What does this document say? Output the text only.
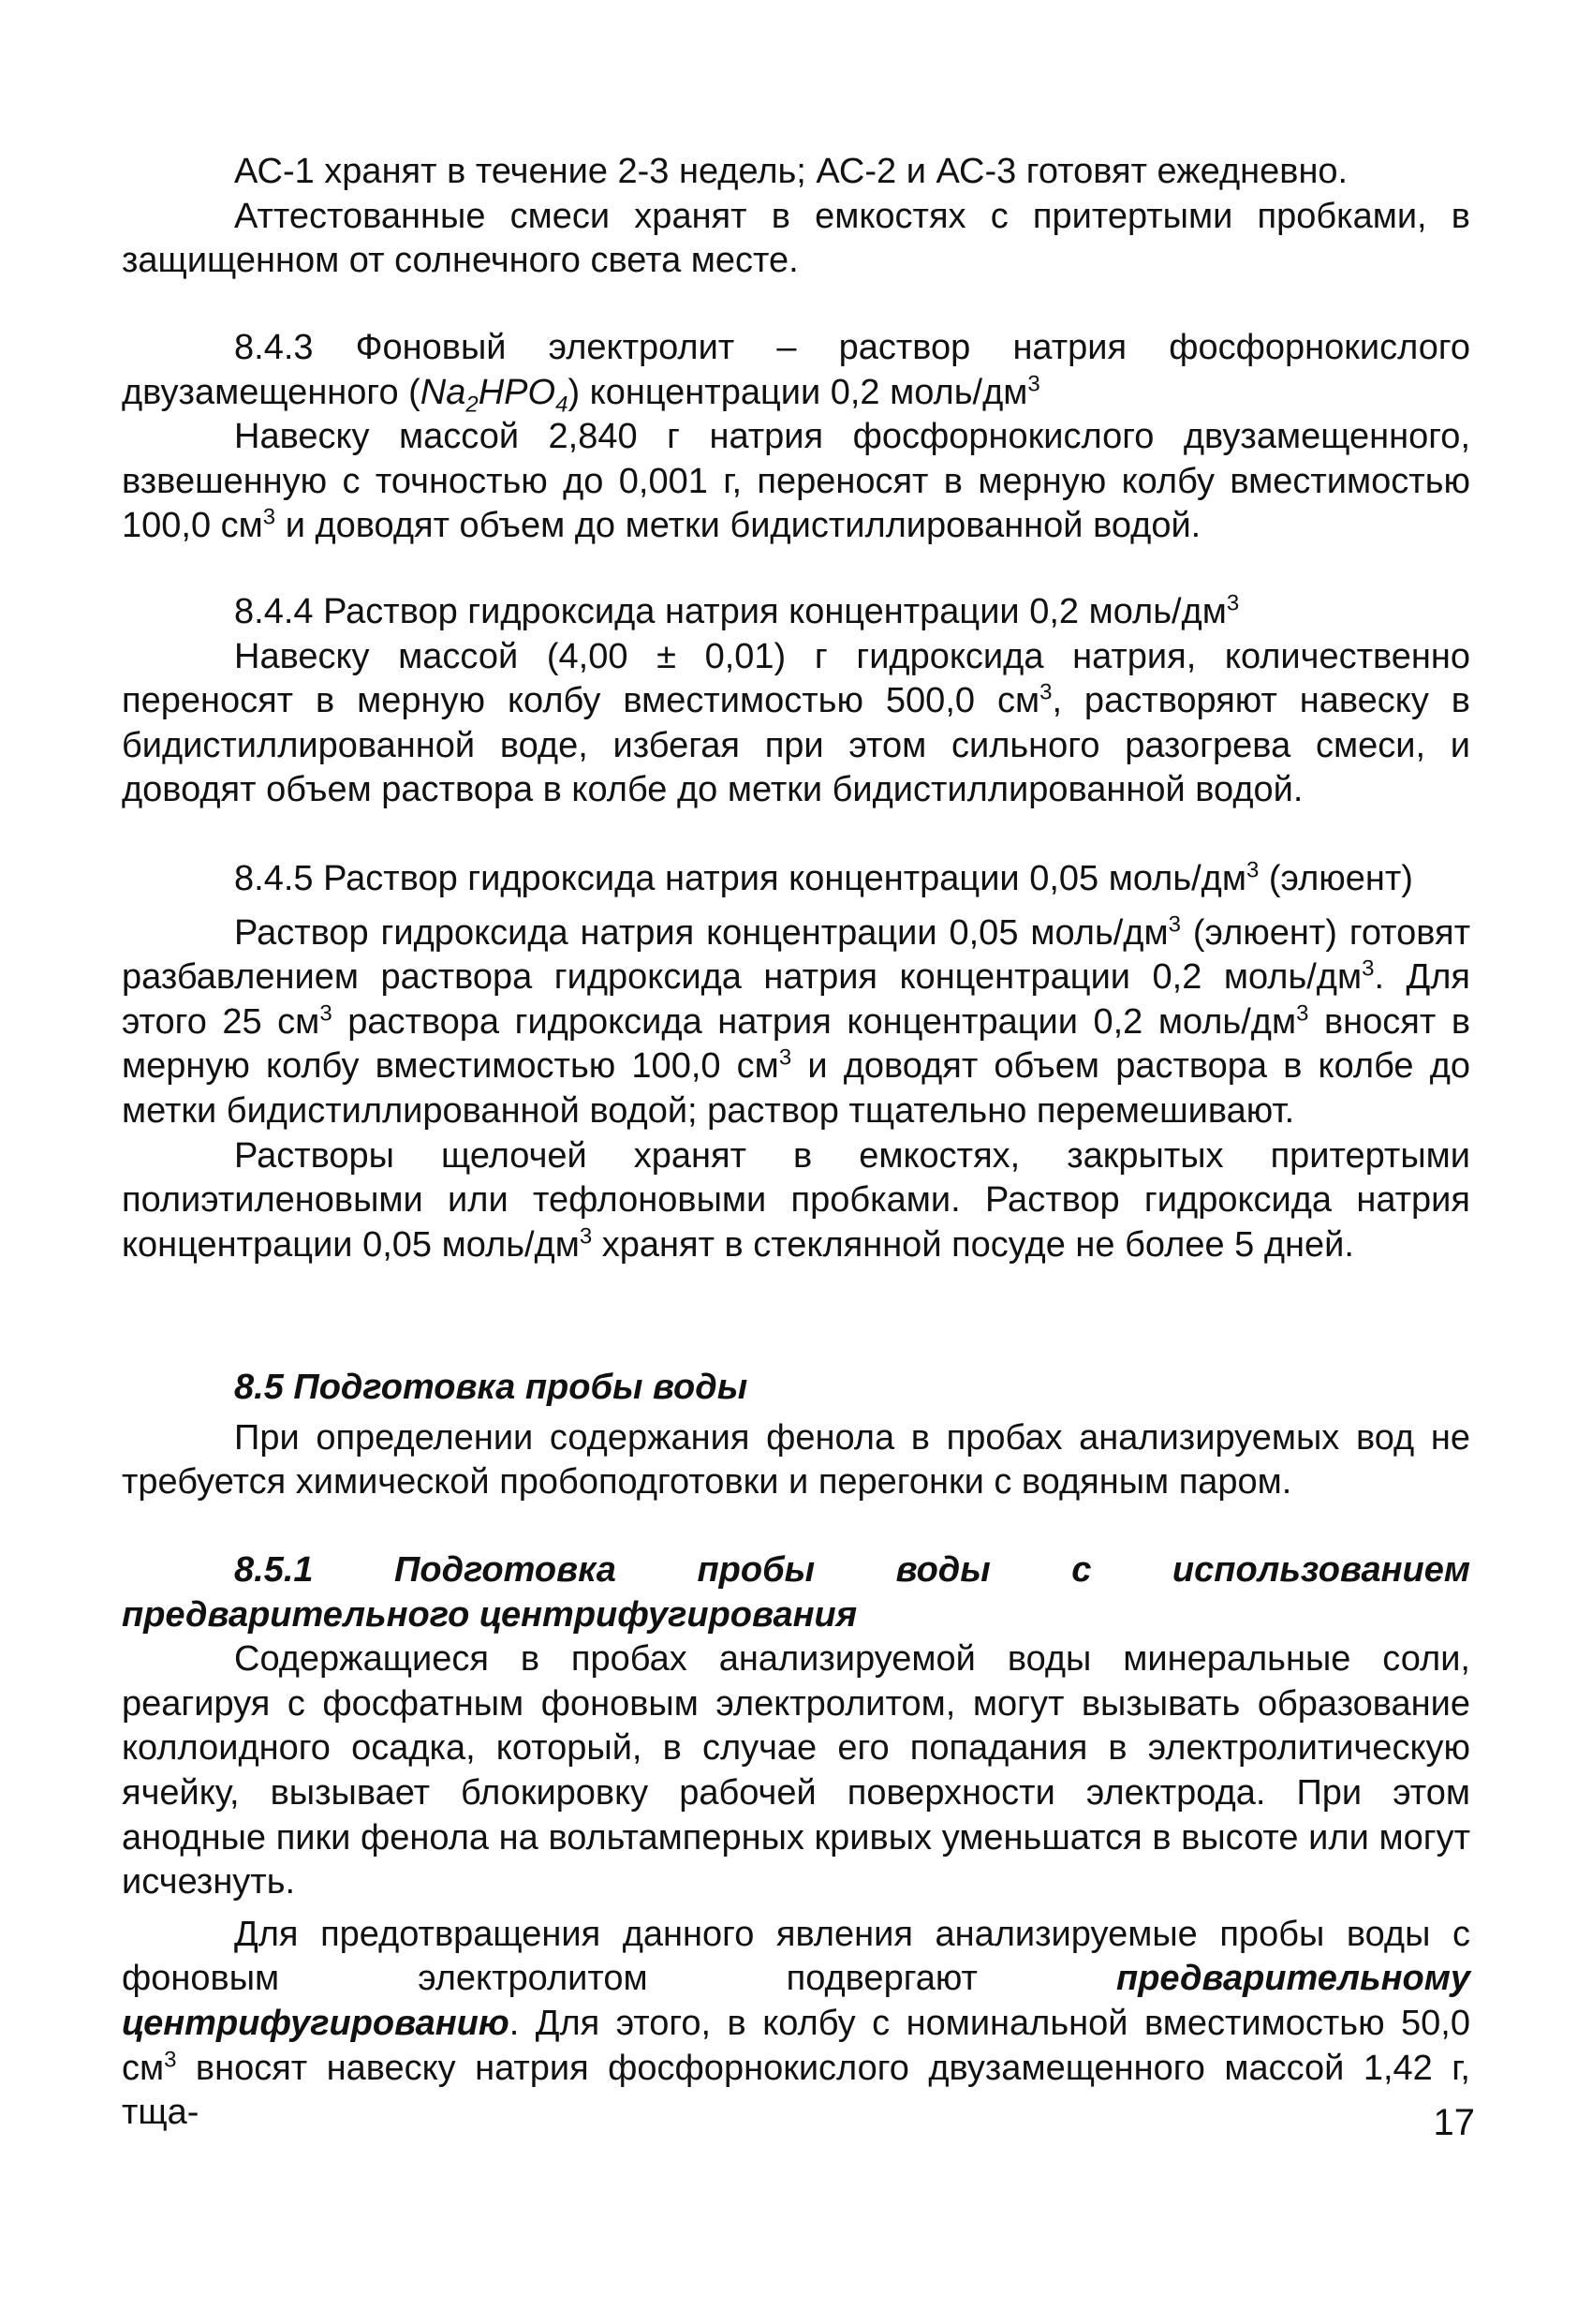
АС-1 хранят в течение 2-3 недель; АС-2 и АС-3 готовят ежедневно.

Аттестованные смеси хранят в емкостях с притертыми пробками, в защищенном от солнечного света месте.

8.4.3 Фоновый электролит – раствор натрия фосфорнокислого двузамещенного $(Na_2HPO_4)$ концентрации 0,2 моль/$дм^3$

Навеску массой 2,840 г натрия фосфорнокислого двузамещенного, взвешенную с точностью до 0,001 г, переносят в мерную колбу вместимостью 100,0 $см^3$ и доводят объем до метки бидистиллированной водой.

8.4.4 Раствор гидроксида натрия концентрации 0,2 моль/$дм^3$

Навеску массой (4,00 ± 0,01) г гидроксида натрия, количественно переносят в мерную колбу вместимостью 500,0 $см^3$, растворяют навеску в бидистиллированной воде, избегая при этом сильного разогрева смеси, и доводят объем раствора в колбе до метки бидистиллированной водой.

8.4.5 Раствор гидроксида натрия концентрации 0,05 моль/$дм^3$ (элюент)

Раствор гидроксида натрия концентрации 0,05 моль/$дм^3$ (элюент) готовят разбавлением раствора гидроксида натрия концентрации 0,2 моль/$дм^3$. Для этого 25 $см^3$ раствора гидроксида натрия концентрации 0,2 моль/$дм^3$ вносят в мерную колбу вместимостью 100,0 $см^3$ и доводят объем раствора в колбе до метки бидистиллированной водой; раствор тщательно перемешивают.

Растворы щелочей хранят в емкостях, закрытых притертыми полиэтиленовыми или тефлоновыми пробками. Раствор гидроксида натрия концентрации 0,05 моль/$дм^3$ хранят в стеклянной посуде не более 5 дней.

8.5 Подготовка пробы воды

При определении содержания фенола в пробах анализируемых вод не требуется химической пробоподготовки и перегонки с водяным паром.

8.5.1 Подготовка пробы воды с использованием предварительного центрифугирования

Содержащиеся в пробах анализируемой воды минеральные соли, реагируя с фосфатным фоновым электролитом, могут вызывать образование коллоидного осадка, который, в случае его попадания в электролитическую ячейку, вызывает блокировку рабочей поверхности электрода. При этом анодные пики фенола на вольтамперных кривых уменьшатся в высоте или могут исчезнуть.

Для предотвращения данного явления анализируемые пробы воды с фоновым электролитом подвергают предварительному центрифугированию. Для этого, в колбу с номинальной вместимостью 50,0 $см^3$ вносят навеску натрия фосфорнокислого двузамещенного массой 1,42 г, тща-	17
